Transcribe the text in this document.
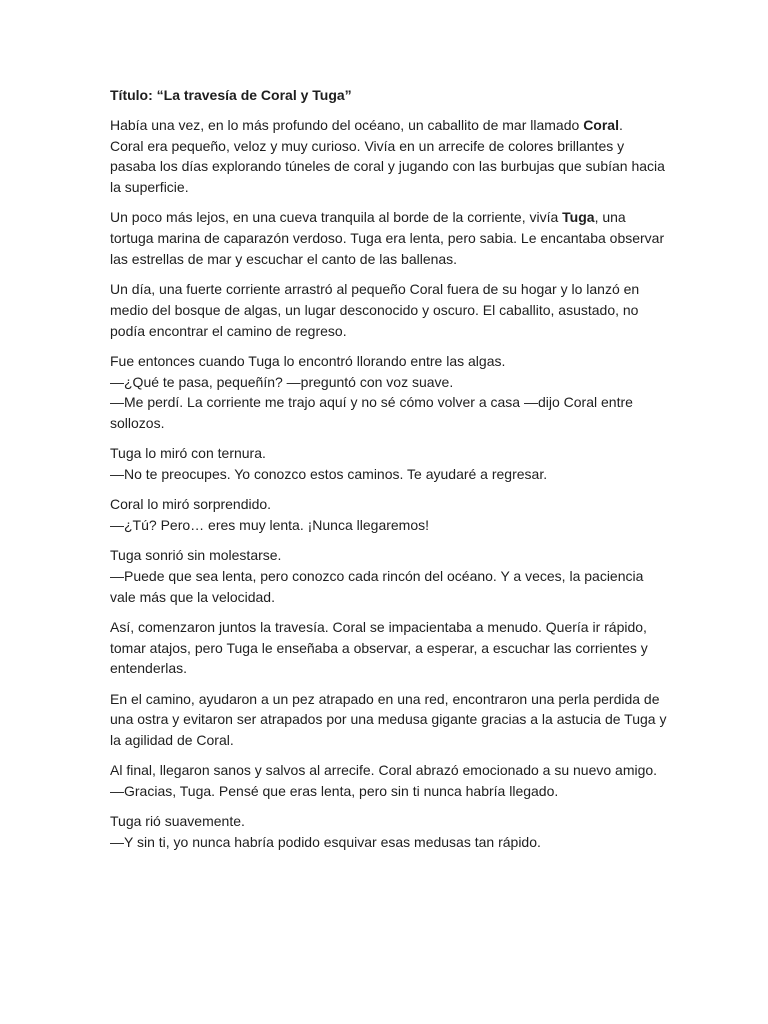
Título: “La travesía de Coral y Tuga”

Había una vez, en lo más profundo del océano, un caballito de mar llamado Coral.
Coral era pequeño, veloz y muy curioso. Vivía en un arrecife de colores brillantes y pasaba los días explorando túneles de coral y jugando con las burbujas que subían hacia la superficie.

Un poco más lejos, en una cueva tranquila al borde de la corriente, vivía Tuga, una tortuga marina de caparazón verdoso. Tuga era lenta, pero sabia. Le encantaba observar las estrellas de mar y escuchar el canto de las ballenas.

Un día, una fuerte corriente arrastró al pequeño Coral fuera de su hogar y lo lanzó en medio del bosque de algas, un lugar desconocido y oscuro. El caballito, asustado, no podía encontrar el camino de regreso.

Fue entonces cuando Tuga lo encontró llorando entre las algas.
—¿Qué te pasa, pequeñín? —preguntó con voz suave.
—Me perdí. La corriente me trajo aquí y no sé cómo volver a casa —dijo Coral entre sollozos.

Tuga lo miró con ternura.
—No te preocupes. Yo conozco estos caminos. Te ayudaré a regresar.

Coral lo miró sorprendido.
—¿Tú? Pero… eres muy lenta. ¡Nunca llegaremos!

Tuga sonrió sin molestarse.
—Puede que sea lenta, pero conozco cada rincón del océano. Y a veces, la paciencia vale más que la velocidad.

Así, comenzaron juntos la travesía. Coral se impacientaba a menudo. Quería ir rápido, tomar atajos, pero Tuga le enseñaba a observar, a esperar, a escuchar las corrientes y entenderlas.

En el camino, ayudaron a un pez atrapado en una red, encontraron una perla perdida de una ostra y evitaron ser atrapados por una medusa gigante gracias a la astucia de Tuga y la agilidad de Coral.

Al final, llegaron sanos y salvos al arrecife. Coral abrazó emocionado a su nuevo amigo.
—Gracias, Tuga. Pensé que eras lenta, pero sin ti nunca habría llegado.

Tuga rió suavemente.
—Y sin ti, yo nunca habría podido esquivar esas medusas tan rápido.
